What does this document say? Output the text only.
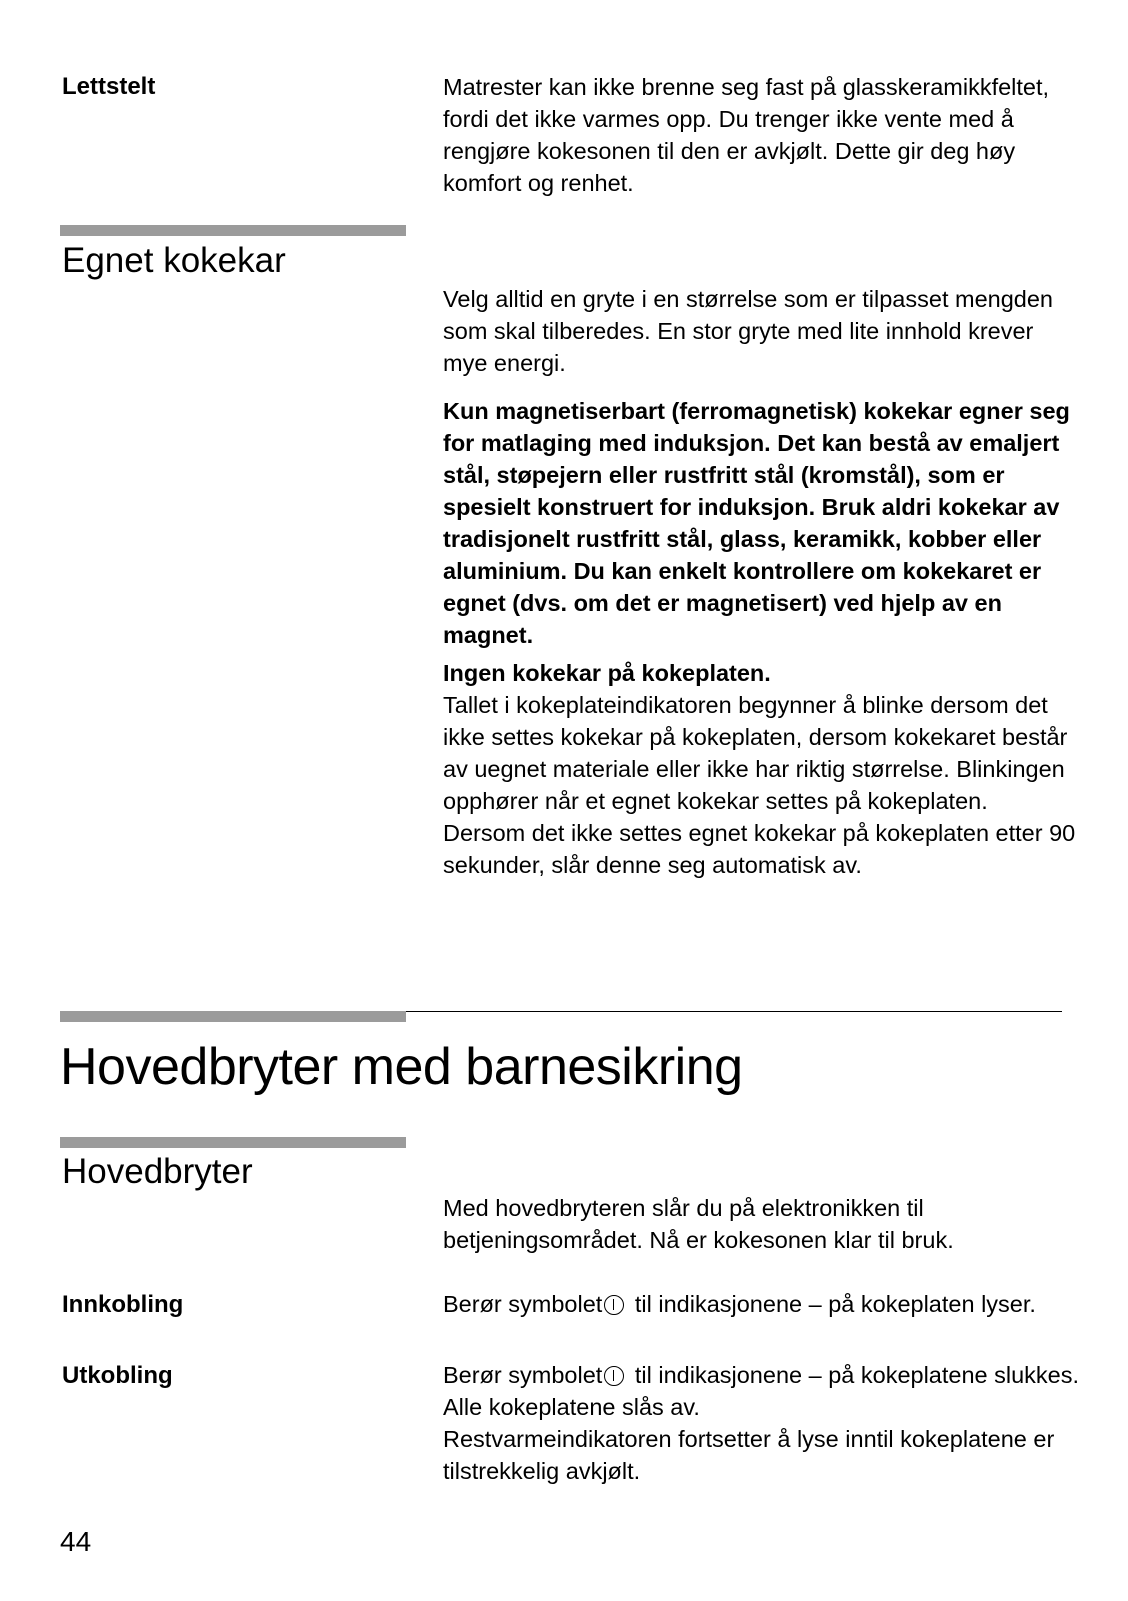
Lettstelt	Matrester kan ikke brenne seg fast på glasskeramikkfeltet, fordi det ikke varmes opp. Du trenger ikke vente med å rengjøre kokesonen til den er avkjølt. Dette gir deg høy komfort og renhet.

Egnet kokekar

Velg alltid en gryte i en størrelse som er tilpasset mengden som skal tilberedes. En stor gryte med lite innhold krever mye energi.

Kun magnetiserbart (ferromagnetisk) kokekar egner seg for matlaging med induksjon. Det kan bestå av emaljert stål, støpejern eller rustfritt stål (kromstål), som er spesielt konstruert for induksjon. Bruk aldri kokekar av tradisjonelt rustfritt stål, glass, keramikk, kobber eller aluminium. Du kan enkelt kontrollere om kokekaret er egnet (dvs. om det er magnetisert) ved hjelp av en magnet.

Ingen kokekar på kokeplaten.

Tallet i kokeplateindikatoren begynner å blinke dersom det ikke settes kokekar på kokeplaten, dersom kokekaret består av uegnet materiale eller ikke har riktig størrelse. Blinkingen opphører når et egnet kokekar settes på kokeplaten.

Dersom det ikke settes egnet kokekar på kokeplaten etter 90 sekunder, slår denne seg automatisk av.

Hovedbryter med barnesikring
Hovedbryter

Med hovedbryteren slår du på elektronikken til betjeningsområdet. Nå er kokesonen klar til bruk.

Innkobling	Berør symbolet til indikasjonene – på kokeplaten lyser.

Utkobling	Berør symbolet til indikasjonene – på kokeplatene slukkes. Alle kokeplatene slås av.

Restvarmeindikatoren fortsetter å lyse inntil kokeplatene er tilstrekkelig avkjølt.

44
